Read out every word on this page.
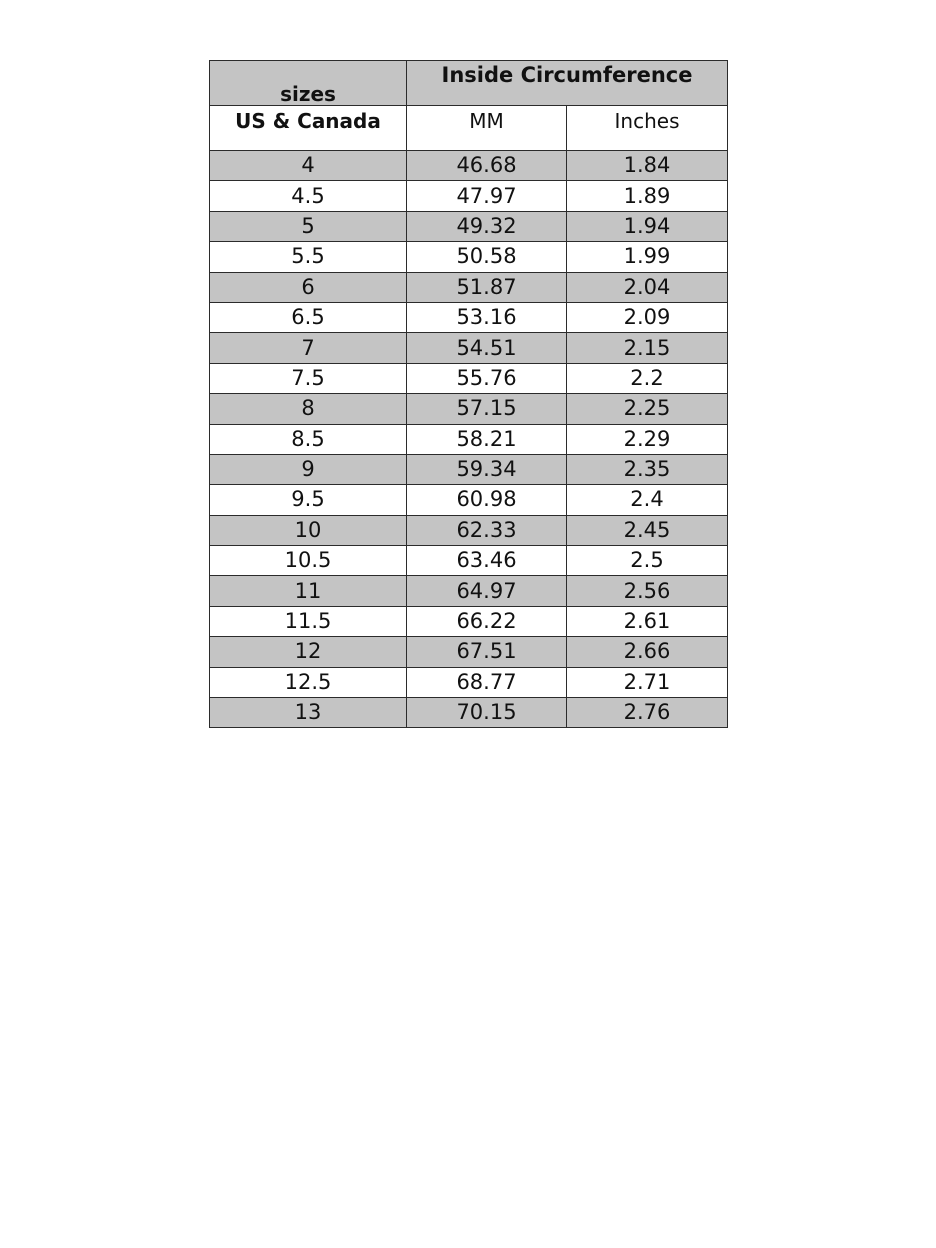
sizes	Inside Circumference	
US & Canada	MM	Inches
4	46.68	1.84
4.5	47.97	1.89
5	49.32	1.94
5.5	50.58	1.99
6	51.87	2.04
6.5	53.16	2.09
7	54.51	2.15
7.5	55.76	2.2
8	57.15	2.25
8.5	58.21	2.29
9	59.34	2.35
9.5	60.98	2.4
10	62.33	2.45
10.5	63.46	2.5
11	64.97	2.56
11.5	66.22	2.61
12	67.51	2.66
12.5	68.77	2.71
13	70.15	2.76
